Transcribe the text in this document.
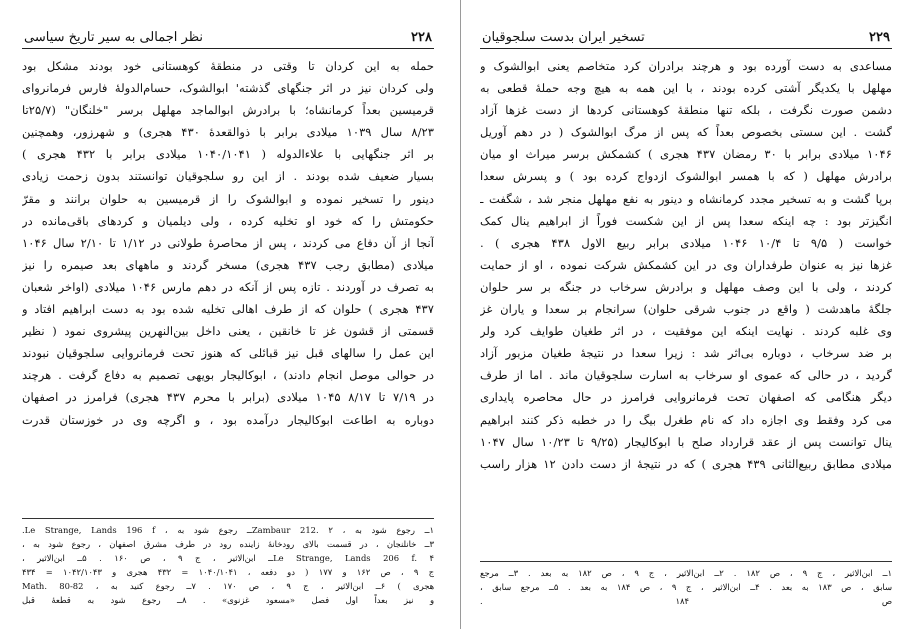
۲۲۸
نظر اجمالی به سیر تاریخ سیاسی
حمله به این کردان تا وقتی در منطقهٔ کوهستانی خود بودند مشکل بود
ولی کردان نیز در اثر جنگهای گذشته' ابوالشوک، حسام‌الدوله‌ٔ فارس فرمانروای
قرمیسین بعداً کرمانشاه؛ با برادرش ابوالماجد مهلهل برسر "خلنگان" (۲۵/۷تا
۸/۲۳ سال ۱۰۳۹ میلادی برابر با ذوالقعدهٔ ۴۳۰ هجری) و شهرزور، وهمچنین
بر اثر جنگهایی با علاءالدوله ( ۱۰۴۰/۱۰۴۱ میلادی برابر با ۴۳۲ هجری )
بسیار ضعیف شده بودند . از این رو سلجوقیان توانستند بدون زحمت زیادی
دینور را تسخیر نموده و ابوالشوک را از قرمیسین به حلوان برانند و مقرّ
حکومتش را که خود او تخلیه کرده ، ولی دیلمیان و کردهای باقی‌مانده در
آنجا از آن دفاع می کردند ، پس از محاصرهٔ طولانی در ۱/۱۲ تا ۲/۱۰ سال ۱۰۴۶
میلادی (مطابق رجب ۴۳۷ هجری) مسخر گردند و ماههای بعد صیمره را نیز
به تصرف در آوردند . تازه پس از آنکه در دهم مارس ۱۰۴۶ میلادی (اواخر شعبان
۴۳۷ هجری ) حلوان که از طرف اهالی تخلیه شده بود به دست ابراهیم افتاد و
قسمتی از قشون غز تا خانقین ، یعنی داخل بین‌النهرین پیشروی نمود ( نظیر
این عمل را سالهای قبل نیز قبائلی که هنوز تحت فرمانروایی سلجوقیان نبودند
در حوالی موصل انجام دادند) ، ابوکالیجار بویهی تصمیم به دفاع گرفت . هرچند
در ۷/۱۹ تا ۸/۱۷ ۱۰۴۵ میلادی (برابر با محرم ۴۳۷ هجری) فرامرز در اصفهان
دوباره به اطاعت ابوکالیجار درآمده بود ، و اگرچه وی در خوزستان قدرت
۱ــ رجوع شود به ، Zambaur 212. ۲ــ رجوع شود به ، Le Strange, Lands 196 f.
۳ــ خانلنجان ، در قسمت بالای رودخانهٔ زاینده رود در طرف مشرق اصفهان ، رجوع شود به ،
Le Strange, Lands 206 f. ۴ــ ابن‌الاثیر ، ج ۹ ، ص ۱۶۰ . ۵ــ ابن‌الاثیر ،
ج ۹ ، ص ۱۶۲ و ۱۷۷ ( دو دفعه ، ۱۰۴۰/۱۰۴۱ = ۴۳۲ هجری و ۱۰۴۲/۱۰۴۳ = ۴۳۴
هجری ) ۶ــ ابن‌الاثیر ، ج ۹ ، ص ۱۷۰ . ۷ــ رجوع کنید به ، Math. 80-82
و نیز بعداً اول فصل «مسعود غزنوی» . ۸ــ رجوع شود به قطعهٔ قبل
۲۲۹
تسخیر ایران بدست سلجوقیان
مساعدی به دست آورده بود و هرچند برادران کرد متخاصم یعنی ابوالشوک و
مهلهل با یکدیگر آشتی کرده بودند ، با این همه به هیچ وجه حملهٔ قطعی به
دشمن صورت نگرفت ، بلکه تنها منطقهٔ کوهستانی کردها از دست غزها آزاد
گشت . این سستی بخصوص بعداً که پس از مرگ ابوالشوک ( در دهم آوریل
۱۰۴۶ میلادی برابر با ۳۰ رمضان ۴۳۷ هجری ) کشمکش برسر میراث او میان
برادرش مهلهل ( که با همسر ابوالشوک ازدواج کرده بود ) و پسرش سعدا
برپا گشت و به تسخیر مجدد کرمانشاه و دینور به نفع مهلهل منجر شد ، شگفت ـ
انگیزتر بود : چه اینکه سعدا پس از این شکست فوراً از ابراهیم ینال کمک
خواست ( ۹/۵ تا ۱۰/۴ ۱۰۴۶ میلادی برابر ربیع الاول ۴۳۸ هجری ) .
غزها نیز به عنوان طرفداران وی در این کشمکش شرکت نموده ، او از حمایت
کردند ، ولی با این وصف مهلهل و برادرش سرخاب در جنگه بر سر حلوان
جلگهٔ ماهدشت ( واقع در جنوب شرقی حلوان) سرانجام بر سعدا و یاران غز
وی غلبه کردند . نهایت اینکه این موفقیت ، در اثر طغیان طوایف کرد ولر
بر ضد سرخاب ، دوباره بی‌اثر شد : زیرا سعدا در نتیجهٔ طغیان مزبور آزاد
گردید ، در حالی که عموی او سرخاب به اسارت سلجوقیان ماند . اما از طرف
دیگر هنگامی که اصفهان تحت فرمانروایی فرامرز در حال محاصره پایداری
می کرد وفقط وی اجازه داد که نام طغرل بیگ را در خطبه ذکر کنند ابراهیم
ینال توانست پس از عقد قرارداد صلح با ابوکالیجار (۹/۲۵ تا ۱۰/۲۳ سال ۱۰۴۷
میلادی مطابق ربیع‌الثانی ۴۳۹ هجری ) که در نتیجهٔ از دست دادن ۱۲ هزار راسب
۱ــ ابن‌الاثیر ، ج ۹ ، ص ۱۸۲ . ۲ــ ابن‌الاثیر ، ج ۹ ، ص ۱۸۲ به بعد . ۳ــ مرجع
سابق ، ص ۱۸۳ به بعد . ۴ــ ابن‌الاثیر ، ج ۹ ، ص ۱۸۴ به بعد . ۵ــ مرجع سابق ،
ص ۱۸۴ .
